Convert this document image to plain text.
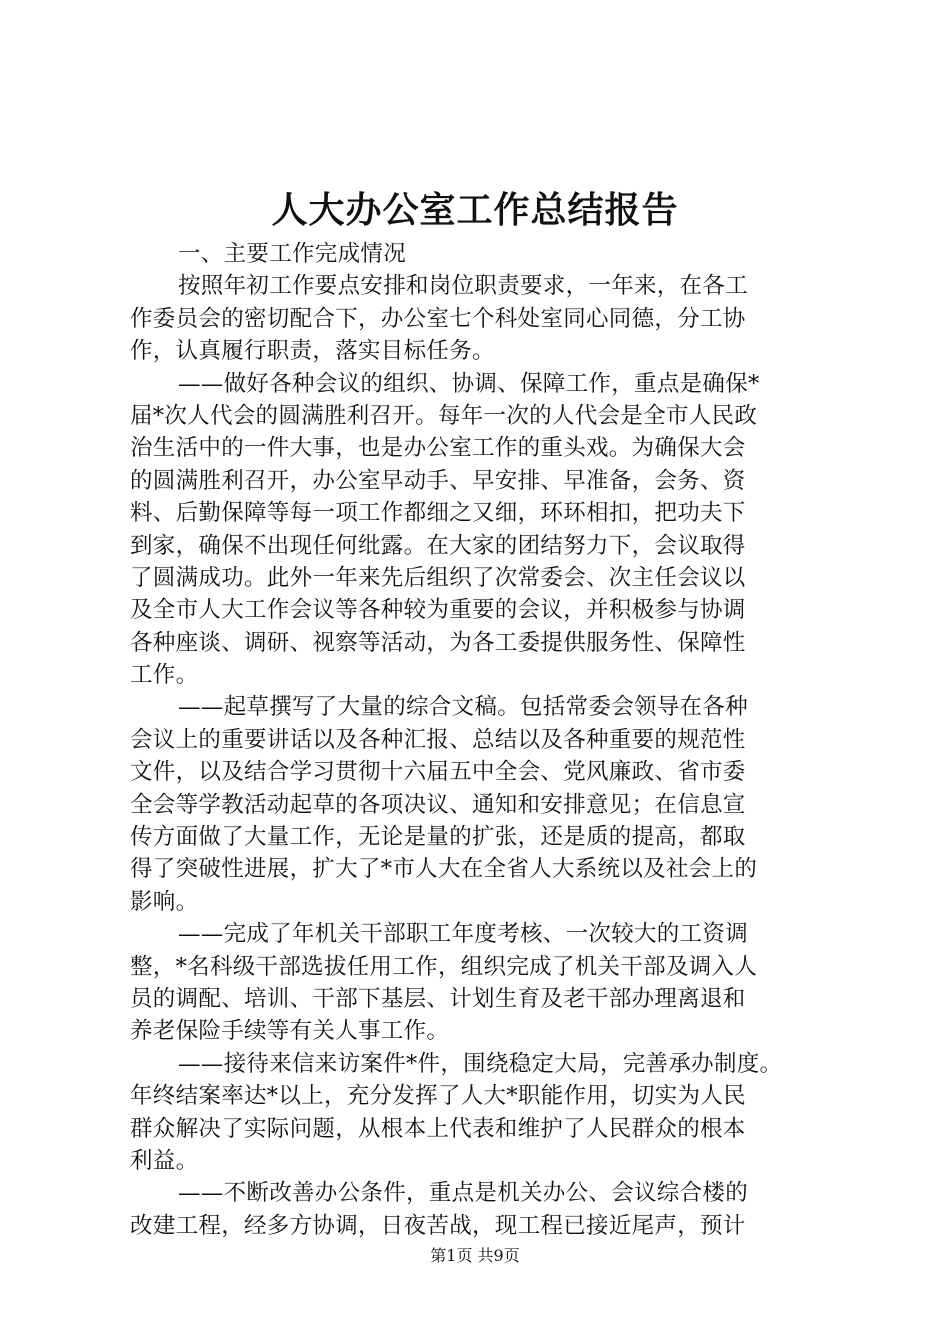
人大办公室工作总结报告
一、主要工作完成情况
按照年初工作要点安排和岗位职责要求，一年来，在各工
作委员会的密切配合下，办公室七个科处室同心同德，分工协
作，认真履行职责，落实目标任务。
——做好各种会议的组织、协调、保障工作，重点是确保*
届*次人代会的圆满胜利召开。每年一次的人代会是全市人民政
治生活中的一件大事，也是办公室工作的重头戏。为确保大会
的圆满胜利召开，办公室早动手、早安排、早准备，会务、资
料、后勤保障等每一项工作都细之又细，环环相扣，把功夫下
到家，确保不出现任何纰露。在大家的团结努力下，会议取得
了圆满成功。此外一年来先后组织了次常委会、次主任会议以
及全市人大工作会议等各种较为重要的会议，并积极参与协调
各种座谈、调研、视察等活动，为各工委提供服务性、保障性
工作。
——起草撰写了大量的综合文稿。包括常委会领导在各种
会议上的重要讲话以及各种汇报、总结以及各种重要的规范性
文件，以及结合学习贯彻十六届五中全会、党风廉政、省市委
全会等学教活动起草的各项决议、通知和安排意见；在信息宣
传方面做了大量工作，无论是量的扩张，还是质的提高，都取
得了突破性进展，扩大了*市人大在全省人大系统以及社会上的
影响。
——完成了年机关干部职工年度考核、一次较大的工资调
整，*名科级干部选拔任用工作，组织完成了机关干部及调入人
员的调配、培训、干部下基层、计划生育及老干部办理离退和
养老保险手续等有关人事工作。
——接待来信来访案件*件，围绕稳定大局，完善承办制度。
年终结案率达*以上，充分发挥了人大*职能作用，切实为人民
群众解决了实际问题，从根本上代表和维护了人民群众的根本
利益。
——不断改善办公条件，重点是机关办公、会议综合楼的
改建工程，经多方协调，日夜苦战，现工程已接近尾声，预计
第1页 共9页
